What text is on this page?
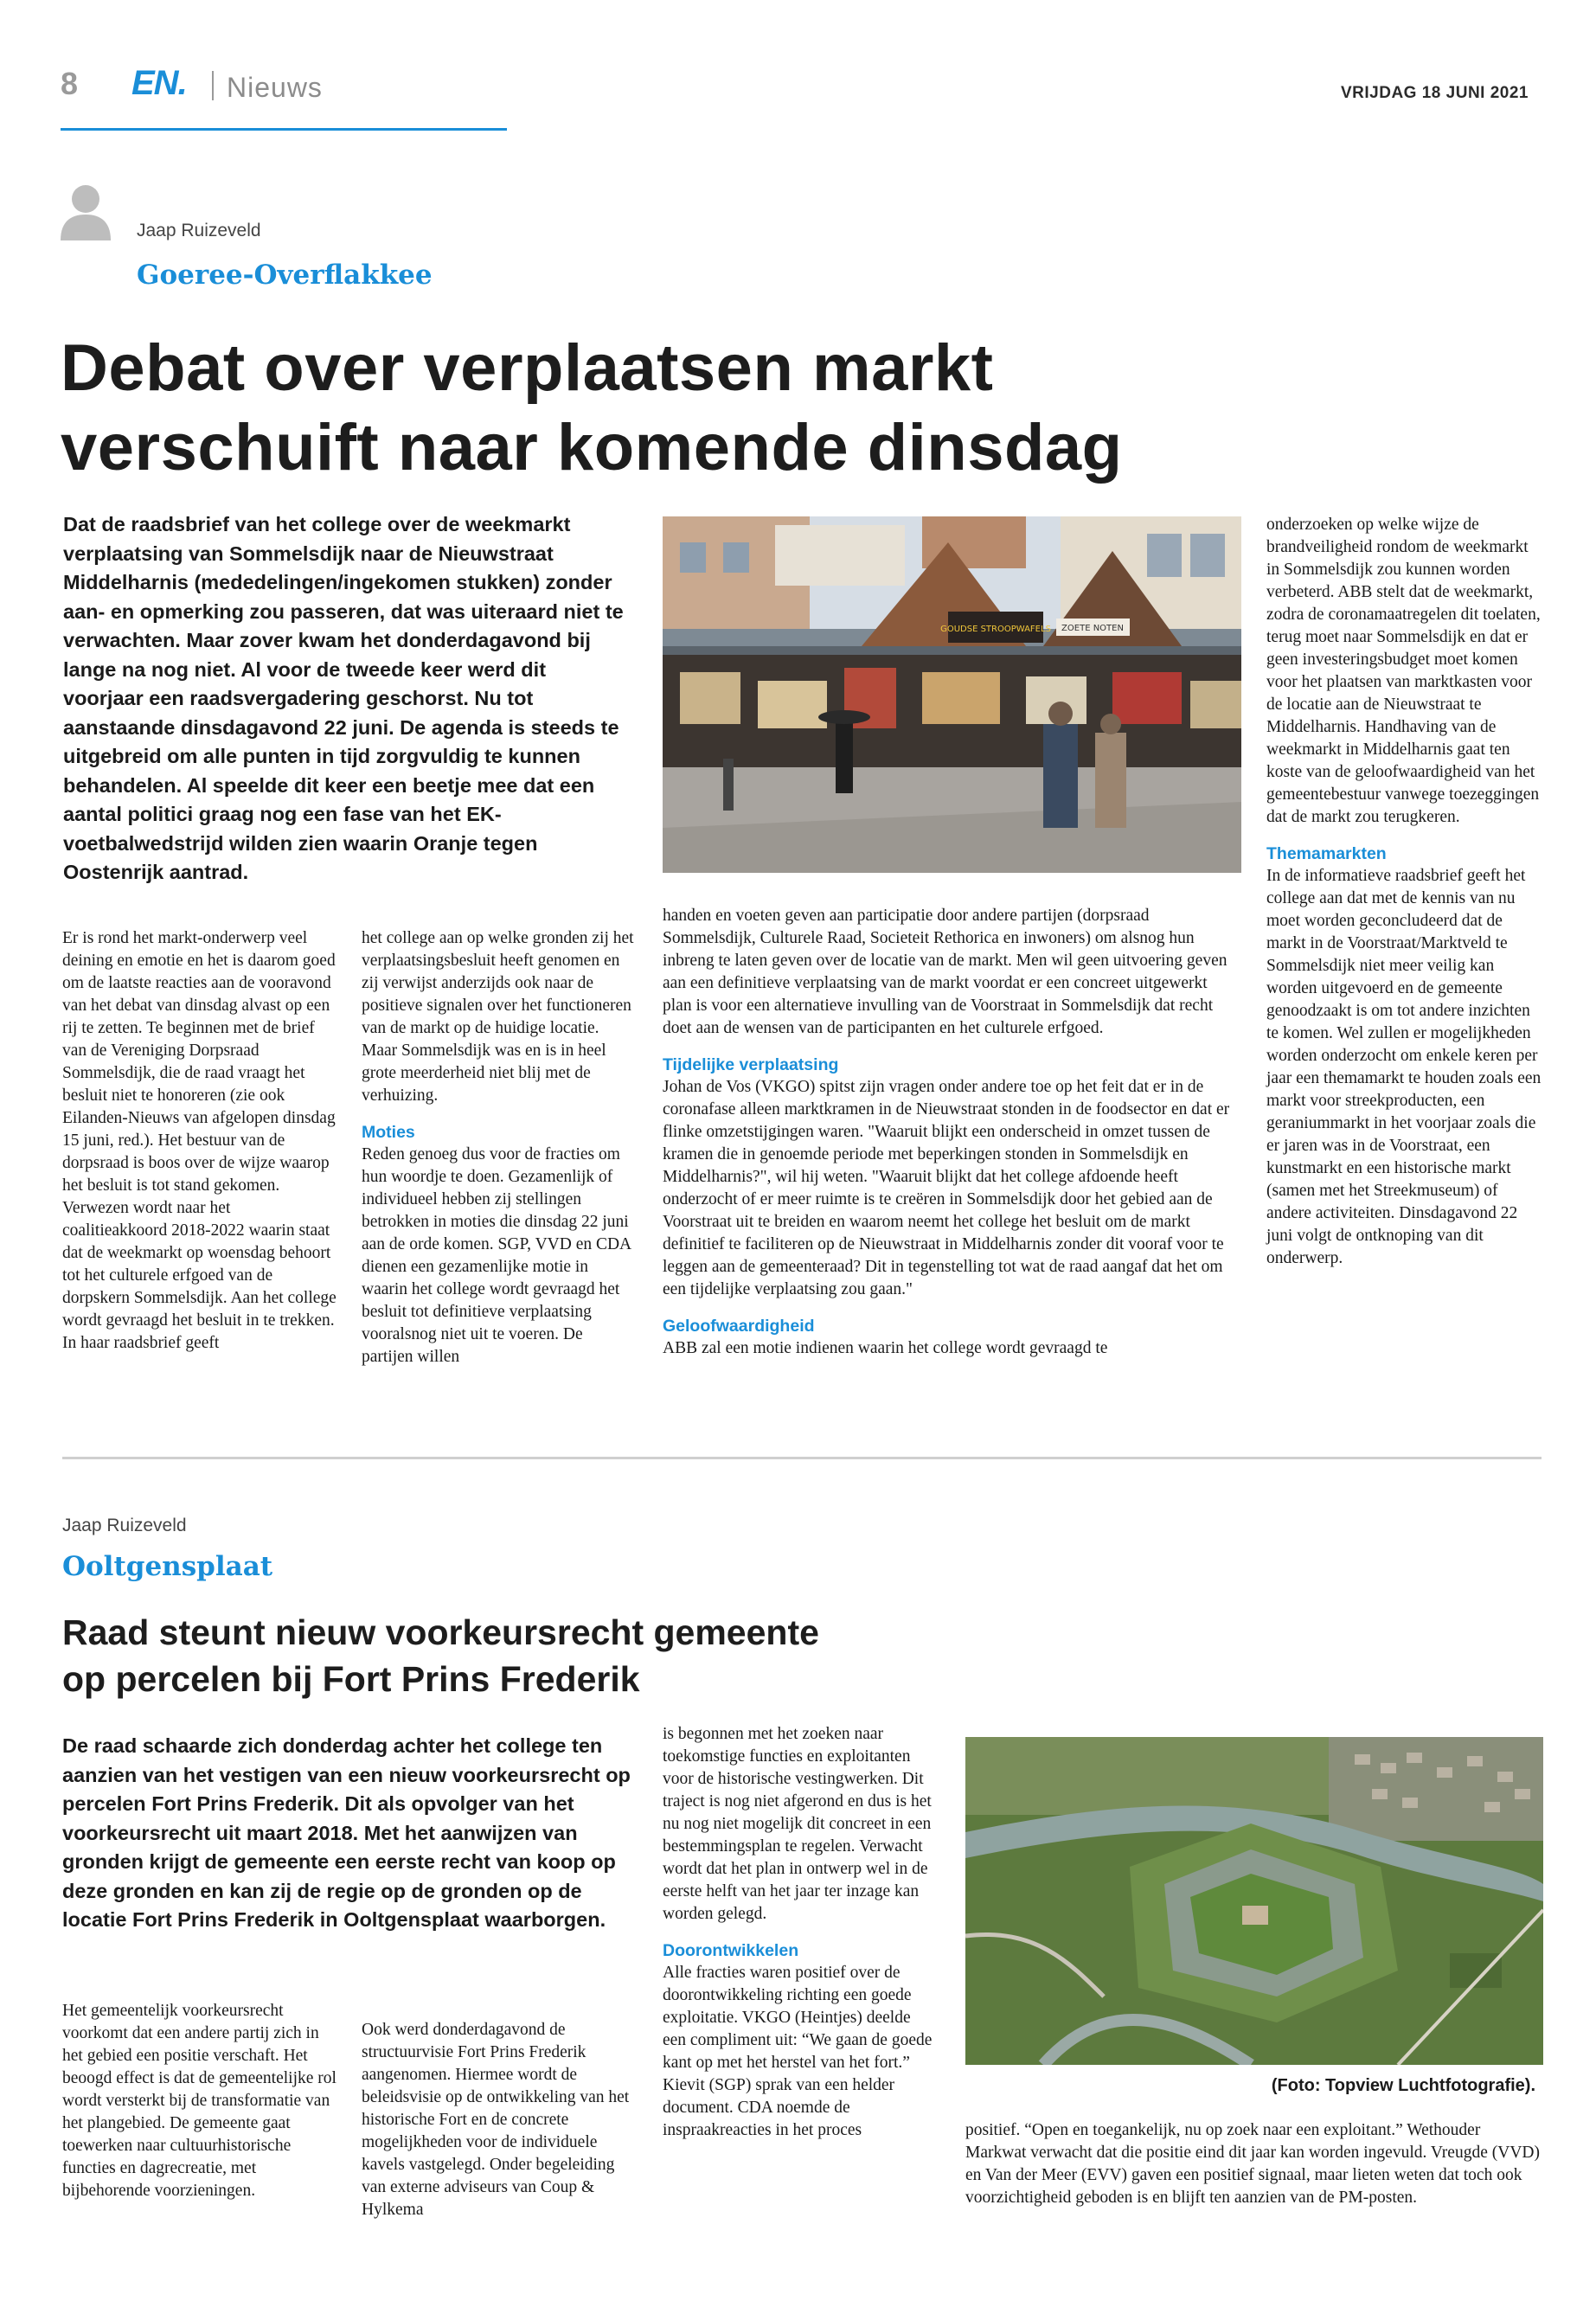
8 EN. Nieuws	VRIJDAG 18 JUNI 2021
Jaap Ruizeveld
Goeree-Overflakkee
Debat over verplaatsen markt
verschuift naar komende dinsdag
Dat de raadsbrief van het college over de weekmarkt verplaatsing van Sommelsdijk naar de Nieuwstraat Middelharnis (mededelingen/ingekomen stukken) zonder aan- en opmerking zou passeren, dat was uiteraard niet te verwachten. Maar zover kwam het donderdagavond bij lange na nog niet. Al voor de tweede keer werd dit voorjaar een raadsvergadering geschorst. Nu tot aanstaande dinsdagavond 22 juni. De agenda is steeds te uitgebreid om alle punten in tijd zorgvuldig te kunnen behandelen. Al speelde dit keer een beetje mee dat een aantal politici graag nog een fase van het EK-voetbalwedstrijd wilden zien waarin Oranje tegen Oostenrijk aantrad.
GOUDSE STROOPWAFELS ZOETE NOTEN

Er is rond het markt-onderwerp veel deining en emotie en het is daarom goed om de laatste reacties aan de vooravond van het debat van dinsdag alvast op een rij te zetten. Te beginnen met de brief van de Vereniging Dorpsraad Sommelsdijk, die de raad vraagt het besluit niet te honoreren (zie ook Eilanden-Nieuws van afgelopen dinsdag 15 juni, red.). Het bestuur van de dorpsraad is boos over de wijze waarop het besluit is tot stand gekomen. Verwezen wordt naar het coalitieakkoord 2018-2022 waarin staat dat de weekmarkt op woensdag behoort tot het culturele erfgoed van de dorpskern Sommelsdijk. Aan het college wordt gevraagd het besluit in te trekken. In haar raadsbrief geeft

het college aan op welke gronden zij het verplaatsingsbesluit heeft genomen en zij verwijst anderzijds ook naar de positieve signalen over het functioneren van de markt op de huidige locatie. Maar Sommelsdijk was en is in heel grote meerderheid niet blij met de verhuizing.

Moties

Reden genoeg dus voor de fracties om hun woordje te doen. Gezamenlijk of individueel hebben zij stellingen betrokken in moties die dinsdag 22 juni aan de orde komen. SGP, VVD en CDA dienen een gezamenlijke motie in waarin het college wordt gevraagd het besluit tot definitieve verplaatsing vooralsnog niet uit te voeren. De partijen willen

handen en voeten geven aan participatie door andere partijen (dorpsraad Sommelsdijk, Culturele Raad, Societeit Rethorica en inwoners) om alsnog hun inbreng te laten geven over de locatie van de markt. Men wil geen uitvoering geven aan een definitieve verplaatsing van de markt voordat er een concreet uitgewerkt plan is voor een alternatieve invulling van de Voorstraat in Sommelsdijk dat recht doet aan de wensen van de participanten en het culturele erfgoed.

Tijdelijke verplaatsing

Johan de Vos (VKGO) spitst zijn vragen onder andere toe op het feit dat er in de coronafase alleen marktkramen in de Nieuwstraat stonden in de foodsector en dat er flinke omzetstijgingen waren. "Waaruit blijkt een onderscheid in omzet tussen de kramen die in genoemde periode met beperkingen stonden in Sommelsdijk en Middelharnis?", wil hij weten. "Waaruit blijkt dat het college afdoende heeft onderzocht of er meer ruimte is te creëren in Sommelsdijk door het gebied aan de Voorstraat uit te breiden en waarom neemt het college het besluit om de markt definitief te faciliteren op de Nieuwstraat in Middelharnis zonder dit vooraf voor te leggen aan de gemeenteraad? Dit in tegenstelling tot wat de raad aangaf dat het om een tijdelijke verplaatsing zou gaan."

Geloofwaardigheid

ABB zal een motie indienen waarin het college wordt gevraagd te

onderzoeken op welke wijze de brandveiligheid rondom de weekmarkt in Sommelsdijk zou kunnen worden verbeterd. ABB stelt dat de weekmarkt, zodra de coronamaatregelen dit toelaten, terug moet naar Sommelsdijk en dat er geen investeringsbudget moet komen voor het plaatsen van marktkasten voor de locatie aan de Nieuwstraat te Middelharnis. Handhaving van de weekmarkt in Middelharnis gaat ten koste van de geloofwaardigheid van het gemeentebestuur vanwege toezeggingen dat de markt zou terugkeren.

Themamarkten

In de informatieve raadsbrief geeft het college aan dat met de kennis van nu moet worden geconcludeerd dat de markt in de Voorstraat/Marktveld te Sommelsdijk niet meer veilig kan worden uitgevoerd en de gemeente genoodzaakt is om tot andere inzichten te komen. Wel zullen er mogelijkheden worden onderzocht om enkele keren per jaar een themamarkt te houden zoals een markt voor streekproducten, een geraniummarkt in het voorjaar zoals die er jaren was in de Voorstraat, een kunstmarkt en een historische markt (samen met het Streekmuseum) of andere activiteiten. Dinsdagavond 22 juni volgt de ontknoping van dit onderwerp.

Jaap Ruizeveld
Ooltgensplaat
Raad steunt nieuw voorkeursrecht gemeente
op percelen bij Fort Prins Frederik
De raad schaarde zich donderdag achter het college ten aanzien van het vestigen van een nieuw voorkeursrecht op percelen Fort Prins Frederik. Dit als opvolger van het voorkeursrecht uit maart 2018. Met het aanwijzen van gronden krijgt de gemeente een eerste recht van koop op deze gronden en kan zij de regie op de gronden op de locatie Fort Prins Frederik in Ooltgensplaat waarborgen.

Het gemeentelijk voorkeursrecht voorkomt dat een andere partij zich in het gebied een positie verschaft. Het beoogd effect is dat de gemeentelijke rol wordt versterkt bij de transformatie van het plangebied. De gemeente gaat toewerken naar cultuurhistorische functies en dagrecreatie, met bijbehorende voorzieningen.

Ook werd donderdagavond de structuurvisie Fort Prins Frederik aangenomen. Hiermee wordt de beleidsvisie op de ontwikkeling van het historische Fort en de concrete mogelijkheden voor de individuele kavels vastgelegd. Onder begeleiding van externe adviseurs van Coup & Hylkema

is begonnen met het zoeken naar toekomstige functies en exploitanten voor de historische vestingwerken. Dit traject is nog niet afgerond en dus is het nu nog niet mogelijk dit concreet in een bestemmingsplan te regelen. Verwacht wordt dat het plan in ontwerp wel in de eerste helft van het jaar ter inzage kan worden gelegd.

Doorontwikkelen

Alle fracties waren positief over de doorontwikkeling richting een goede exploitatie. VKGO (Heintjes) deelde een compliment uit: “We gaan de goede kant op met het herstel van het fort.” Kievit (SGP) sprak van een helder document. CDA noemde de inspraakreacties in het proces

(Foto: Topview Luchtfotografie).

positief. “Open en toegankelijk, nu op zoek naar een exploitant.” Wethouder Markwat verwacht dat die positie eind dit jaar kan worden ingevuld. Vreugde (VVD) en Van der Meer (EVV) gaven een positief signaal, maar lieten weten dat toch ook voorzichtigheid geboden is en blijft ten aanzien van de PM-posten.
